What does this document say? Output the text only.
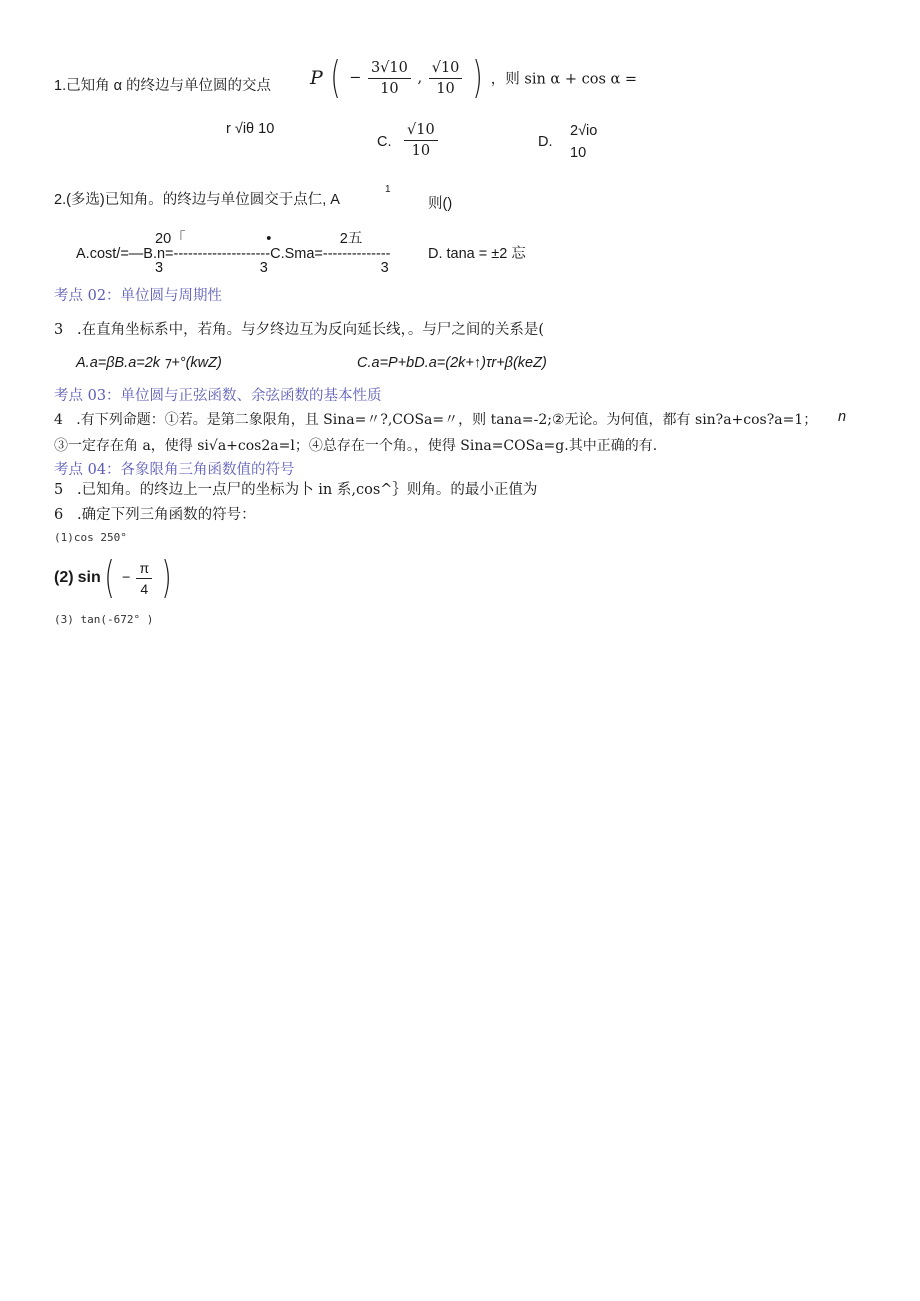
1.己知角 α 的终边与单位圆的交点 P ( − $\frac{3√10}{10}$ , $\frac{√10}{10}$ ) ，则 sin α + cos α =
r √iθ 10
C. $\frac{√10}{10}$	D.
2√io
10
2.(多选)已知角。的终边与单位圆交于点仁, A
1
则()
20「                    •                 2五
A.cost/=—B.n=--------------------C.Sma=--------------
3                        3                            3
D. tana = ±2 忘
考点 02：单位圆与周期性
3   .在直角坐标系中，若角。与夕终边互为反向延长线，。与尸之间的关系是(
A.a=βB.a=2k ⁊+°(kwZ)	C.a=P+bD.a=(2k+↑)τr+β(keZ)
考点 03：单位圆与正弦函数、余弦函数的基本性质
4   .有下列命题：①若。是第二象限角，且 Sina=〃?,COSa=〃，则 tana=-2;②无论。为何值，都有 sin?a+cos?a=1； n
③一定存在角 a，使得 si√a+cos2a=l；④总存在一个角。，使得 Sina=COSa=g.其中正确的有.
考点 04：各象限角三角函数值的符号
5   .已知角。的终边上一点尸的坐标为卜 in 系,cos^｝则角。的最小正值为
6   .确定下列三角函数的符号：
(1)cos 250°
(2) sin ( − $\frac{\pi}{4}$ )
(3) tan(-672° )
